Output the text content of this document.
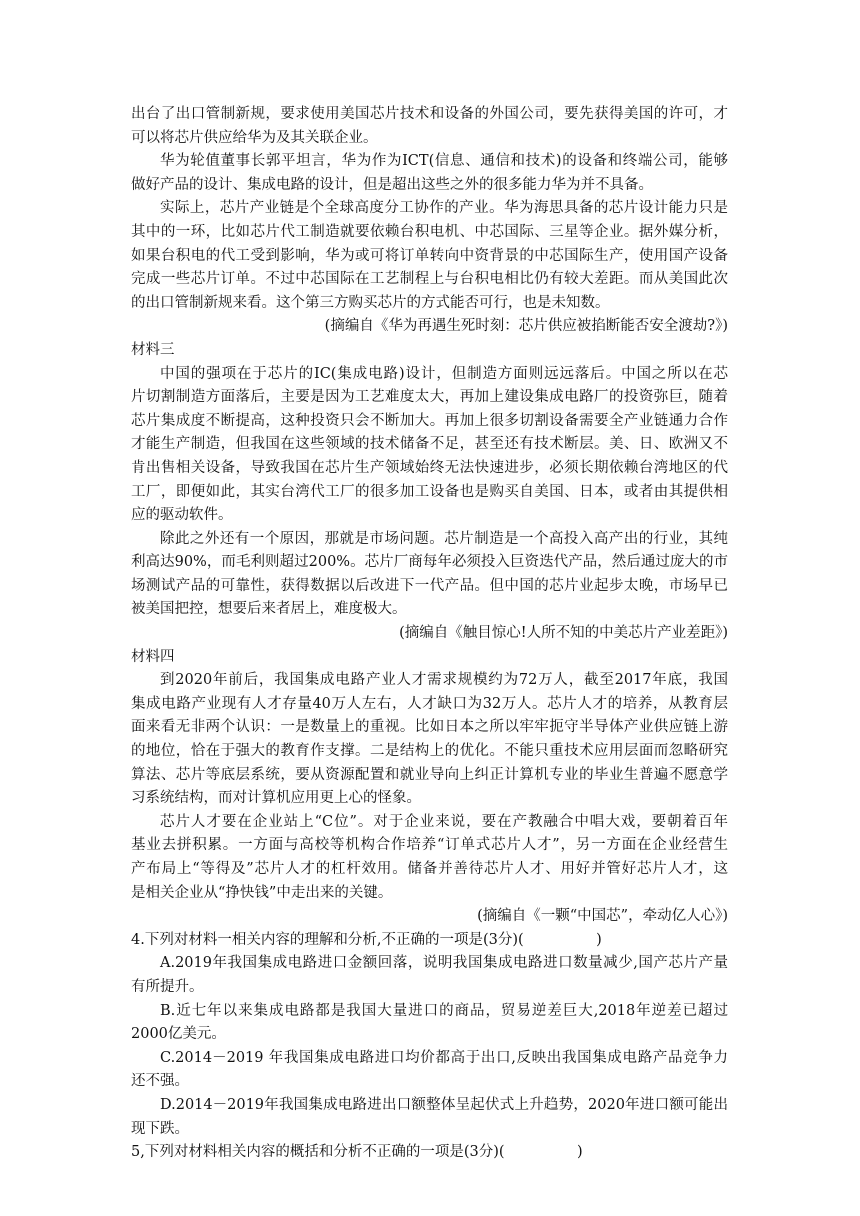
出台了出口管制新规，要求使用美国芯片技术和设备的外国公司，要先获得美国的许可，才
可以将芯片供应给华为及其关联企业。
华为轮值董事长郭平坦言，华为作为ICT(信息、通信和技术)的设备和终端公司，能够
做好产品的设计、集成电路的设计，但是超出这些之外的很多能力华为并不具备。
实际上，芯片产业链是个全球高度分工协作的产业。华为海思具备的芯片设计能力只是
其中的一环，比如芯片代工制造就要依赖台积电机、中芯国际、三星等企业。据外媒分析，
如果台积电的代工受到影响，华为或可将订单转向中资背景的中芯国际生产，使用国产设备
完成一些芯片订单。不过中芯国际在工艺制程上与台积电相比仍有较大差距。而从美国此次
的出口管制新规来看。这个第三方购买芯片的方式能否可行，也是未知数。
(摘编自《华为再遇生死时刻：芯片供应被掐断能否安全渡劫?》)
材料三
中国的强项在于芯片的IC(集成电路)设计，但制造方面则远远落后。中国之所以在芯
片切割制造方面落后，主要是因为工艺难度太大，再加上建设集成电路厂的投资弥巨，随着
芯片集成度不断提高，这种投资只会不断加大。再加上很多切割设备需要全产业链通力合作
才能生产制造，但我国在这些领域的技术储备不足，甚至还有技术断层。美、日、欧洲又不
肯出售相关设备，导致我国在芯片生产领域始终无法快速进步，必须长期依赖台湾地区的代
工厂，即便如此，其实台湾代工厂的很多加工设备也是购买自美国、日本，或者由其提供相
应的驱动软件。
除此之外还有一个原因，那就是市场问题。芯片制造是一个高投入高产出的行业，其纯
利高达90%，而毛利则超过200%。芯片厂商每年必须投入巨资迭代产品，然后通过庞大的市
场测试产品的可靠性，获得数据以后改进下一代产品。但中国的芯片业起步太晚，市场早已
被美国把控，想要后来者居上，难度极大。
(摘编自《触目惊心!人所不知的中美芯片产业差距》)
材料四
到2020年前后，我国集成电路产业人才需求规模约为72万人，截至2017年底，我国
集成电路产业现有人才存量40万人左右，人才缺口为32万人。芯片人才的培养，从教育层
面来看无非两个认识：一是数量上的重视。比如日本之所以牢牢扼守半导体产业供应链上游
的地位，恰在于强大的教育作支撑。二是结构上的优化。不能只重技术应用层面而忽略研究
算法、芯片等底层系统，要从资源配置和就业导向上纠正计算机专业的毕业生普遍不愿意学
习系统结构，而对计算机应用更上心的怪象。
芯片人才要在企业站上“C位”。对于企业来说，要在产教融合中唱大戏，要朝着百年
基业去拼积累。一方面与高校等机构合作培养“订单式芯片人才”，另一方面在企业经营生
产布局上“等得及”芯片人才的杠杆效用。储备并善待芯片人才、用好并管好芯片人才，这
是相关企业从“挣快钱”中走出来的关键。
(摘编自《一颗“中国芯”，牵动亿人心》)
4.下列对材料一相关内容的理解和分析,不正确的一项是(3分)(　　　　　)
A.2019年我国集成电路进口金额回落，说明我国集成电路进口数量减少,国产芯片产量
有所提升。
B.近七年以来集成电路都是我国大量进口的商品，贸易逆差巨大,2018年逆差已超过
2000亿美元。
C.2014－2019 年我国集成电路进口均价都高于出口,反映出我国集成电路产品竞争力
还不强。
D.2014－2019年我国集成电路进出口额整体呈起伏式上升趋势，2020年进口额可能出
现下跌。
5,下列对材料相关内容的概括和分析不正确的一项是(3分)(　　　　　)
